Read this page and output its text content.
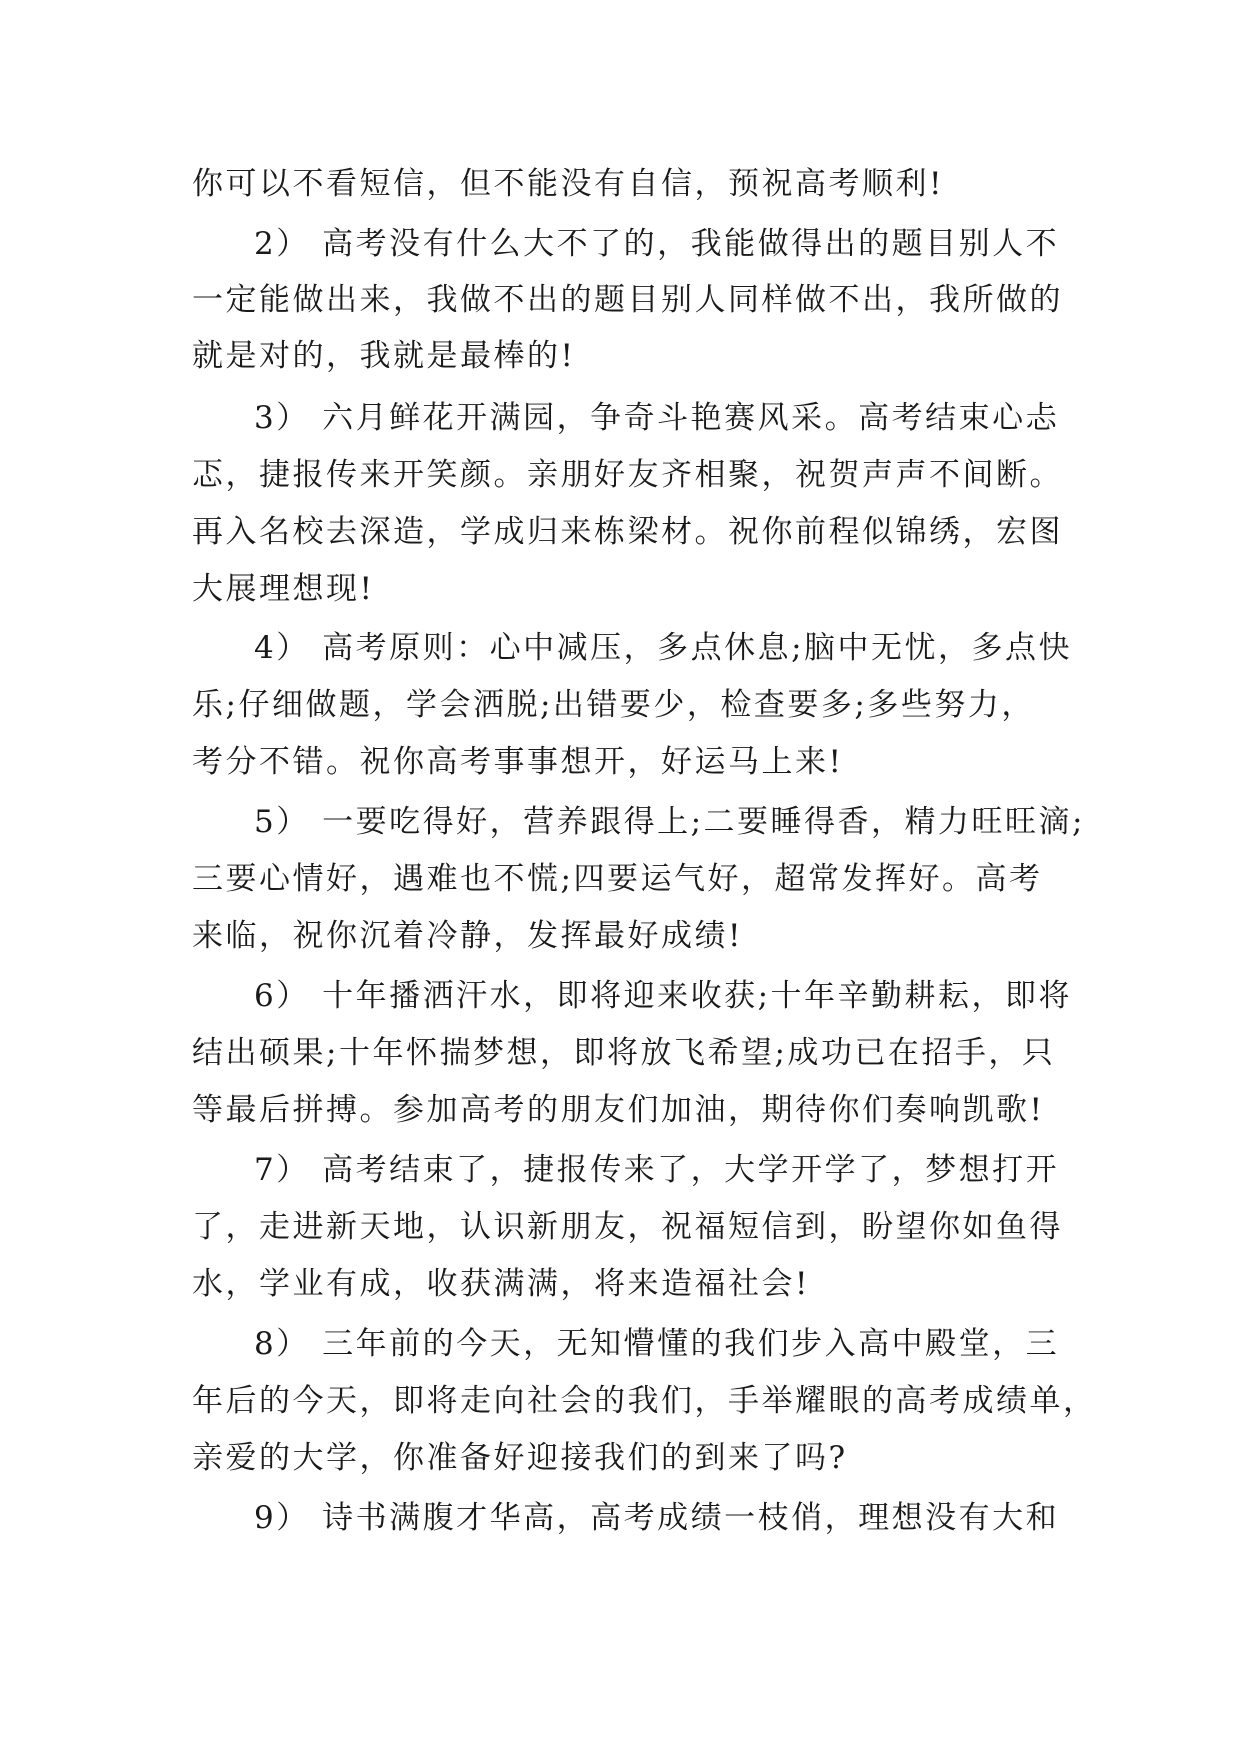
你可以不看短信，但不能没有自信，预祝高考顺利!
2） 高考没有什么大不了的，我能做得出的题目别人不
一定能做出来，我做不出的题目别人同样做不出，我所做的
就是对的，我就是最棒的!
3） 六月鲜花开满园，争奇斗艳赛风采。高考结束心忐
忑，捷报传来开笑颜。亲朋好友齐相聚，祝贺声声不间断。
再入名校去深造，学成归来栋梁材。祝你前程似锦绣，宏图
大展理想现!
4） 高考原则：心中减压，多点休息;脑中无忧，多点快
乐;仔细做题，学会洒脱;出错要少，检查要多;多些努力，
考分不错。祝你高考事事想开，好运马上来!
5） 一要吃得好，营养跟得上;二要睡得香，精力旺旺滴;
三要心情好，遇难也不慌;四要运气好，超常发挥好。高考
来临，祝你沉着冷静，发挥最好成绩!
6） 十年播洒汗水，即将迎来收获;十年辛勤耕耘，即将
结出硕果;十年怀揣梦想，即将放飞希望;成功已在招手，只
等最后拼搏。参加高考的朋友们加油，期待你们奏响凯歌!
7） 高考结束了，捷报传来了，大学开学了，梦想打开
了，走进新天地，认识新朋友，祝福短信到，盼望你如鱼得
水，学业有成，收获满满，将来造福社会!
8） 三年前的今天，无知懵懂的我们步入高中殿堂，三
年后的今天，即将走向社会的我们，手举耀眼的高考成绩单，
亲爱的大学，你准备好迎接我们的到来了吗?
9） 诗书满腹才华高，高考成绩一枝俏，理想没有大和
